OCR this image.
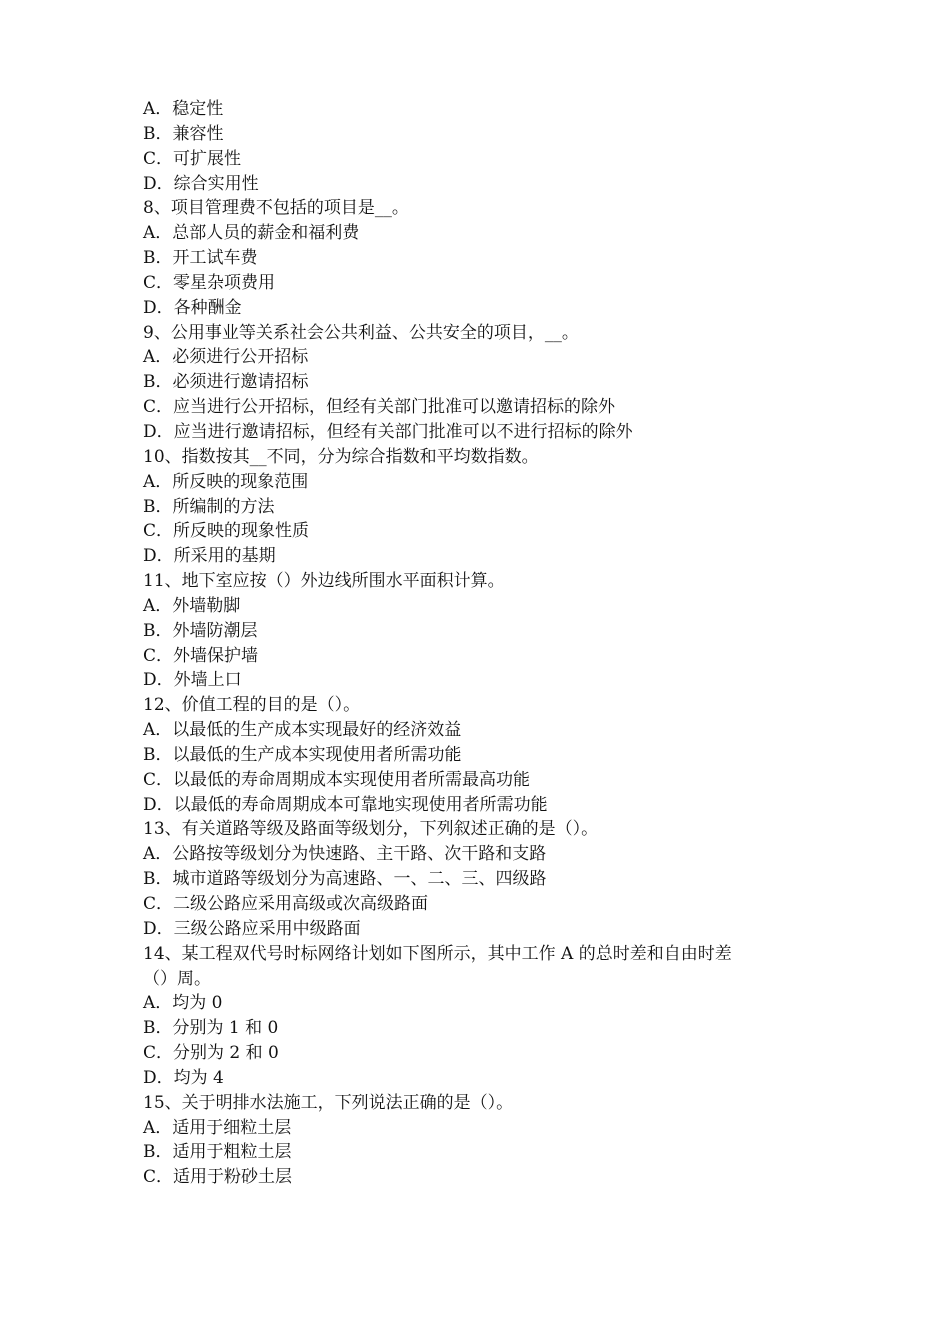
A．稳定性
B．兼容性
C．可扩展性
D．综合实用性
8、项目管理费不包括的项目是__。
A．总部人员的薪金和福利费
B．开工试车费
C．零星杂项费用
D．各种酬金
9、公用事业等关系社会公共利益、公共安全的项目，__。
A．必须进行公开招标
B．必须进行邀请招标
C．应当进行公开招标，但经有关部门批准可以邀请招标的除外
D．应当进行邀请招标，但经有关部门批准可以不进行招标的除外
10、指数按其__不同，分为综合指数和平均数指数。
A．所反映的现象范围
B．所编制的方法
C．所反映的现象性质
D．所采用的基期
11、地下室应按（）外边线所围水平面积计算。
A．外墙勒脚
B．外墙防潮层
C．外墙保护墙
D．外墙上口
12、价值工程的目的是（）。
A．以最低的生产成本实现最好的经济效益
B．以最低的生产成本实现使用者所需功能
C．以最低的寿命周期成本实现使用者所需最高功能
D．以最低的寿命周期成本可靠地实现使用者所需功能
13、有关道路等级及路面等级划分，下列叙述正确的是（）。
A．公路按等级划分为快速路、主干路、次干路和支路
B．城市道路等级划分为高速路、一、二、三、四级路
C．二级公路应采用高级或次高级路面
D．三级公路应采用中级路面
14、某工程双代号时标网络计划如下图所示，其中工作 A 的总时差和自由时差
（）周。
A．均为 0
B．分别为 1 和 0
C．分别为 2 和 0
D．均为 4
15、关于明排水法施工，下列说法正确的是（）。
A．适用于细粒土层
B．适用于粗粒土层
C．适用于粉砂土层
